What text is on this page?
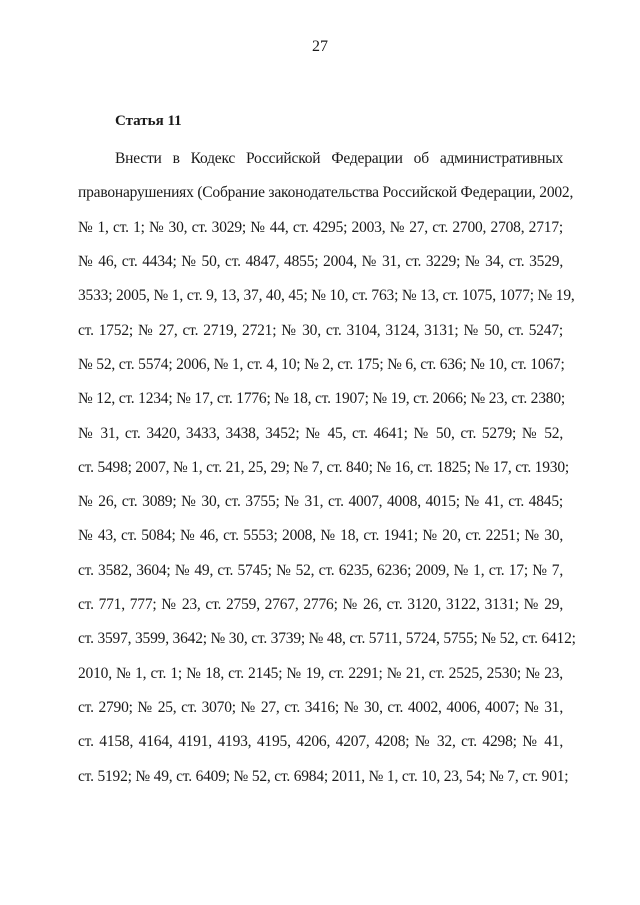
27
Статья 11
Внести в Кодекс Российской Федерации об административных
правонарушениях (Собрание законодательства Российской Федерации, 2002,
№ 1, ст. 1; № 30, ст. 3029; № 44, ст. 4295; 2003, № 27, ст. 2700, 2708, 2717;
№ 46, ст. 4434; № 50, ст. 4847, 4855; 2004, № 31, ст. 3229; № 34, ст. 3529,
3533; 2005, № 1, ст. 9, 13, 37, 40, 45; № 10, ст. 763; № 13, ст. 1075, 1077; № 19,
ст. 1752; № 27, ст. 2719, 2721; № 30, ст. 3104, 3124, 3131; № 50, ст. 5247;
№ 52, ст. 5574; 2006, № 1, ст. 4, 10; № 2, ст. 175; № 6, ст. 636; № 10, ст. 1067;
№ 12, ст. 1234; № 17, ст. 1776; № 18, ст. 1907; № 19, ст. 2066; № 23, ст. 2380;
№ 31, ст. 3420, 3433, 3438, 3452; № 45, ст. 4641; № 50, ст. 5279; № 52,
ст. 5498; 2007, № 1, ст. 21, 25, 29; № 7, ст. 840; № 16, ст. 1825; № 17, ст. 1930;
№ 26, ст. 3089; № 30, ст. 3755; № 31, ст. 4007, 4008, 4015; № 41, ст. 4845;
№ 43, ст. 5084; № 46, ст. 5553; 2008, № 18, ст. 1941; № 20, ст. 2251; № 30,
ст. 3582, 3604; № 49, ст. 5745; № 52, ст. 6235, 6236; 2009, № 1, ст. 17; № 7,
ст. 771, 777; № 23, ст. 2759, 2767, 2776; № 26, ст. 3120, 3122, 3131; № 29,
ст. 3597, 3599, 3642; № 30, ст. 3739; № 48, ст. 5711, 5724, 5755; № 52, ст. 6412;
2010, № 1, ст. 1; № 18, ст. 2145; № 19, ст. 2291; № 21, ст. 2525, 2530; № 23,
ст. 2790; № 25, ст. 3070; № 27, ст. 3416; № 30, ст. 4002, 4006, 4007; № 31,
ст. 4158, 4164, 4191, 4193, 4195, 4206, 4207, 4208; № 32, ст. 4298; № 41,
ст. 5192; № 49, ст. 6409; № 52, ст. 6984; 2011, № 1, ст. 10, 23, 54; № 7, ст. 901;
